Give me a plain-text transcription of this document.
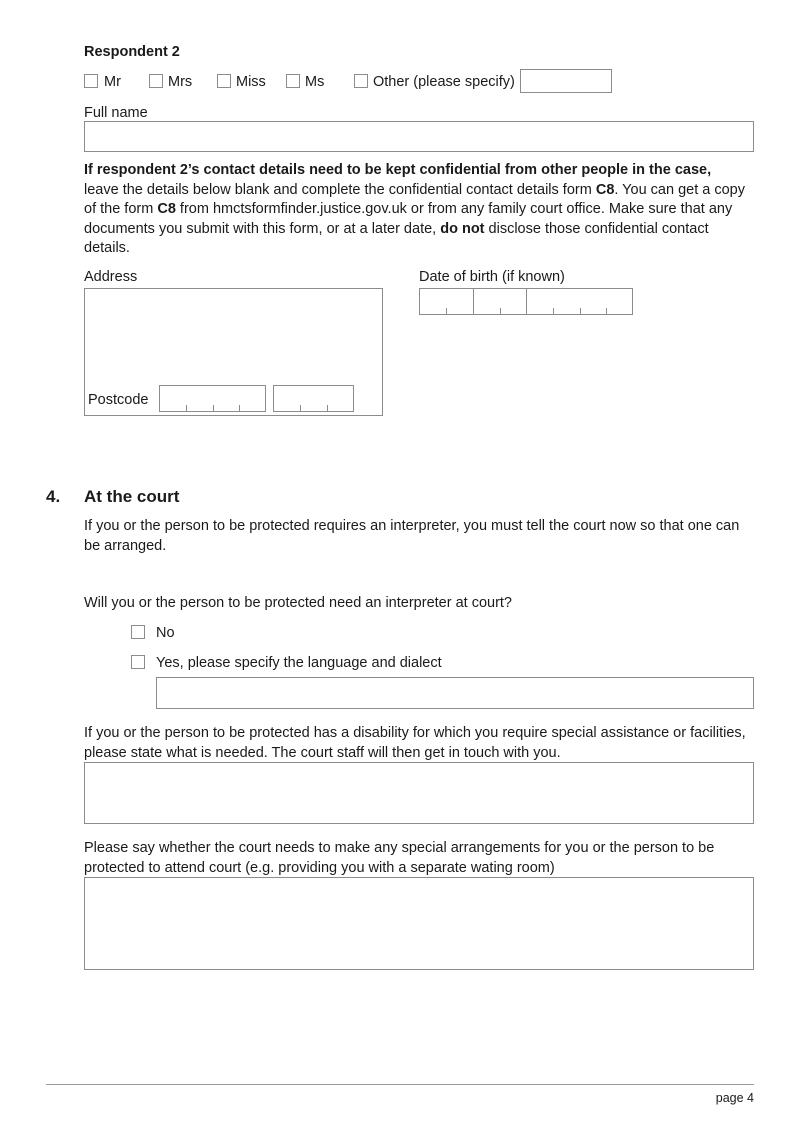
Respondent 2
Mr	Mrs	Miss	Ms	Other (please specify)
Full name
If respondent 2’s contact details need to be kept confidential from other people in the case,
leave the details below blank and complete the confidential contact details form C8. You can get a copy of the form C8 from hmctsformfinder.justice.gov.uk or from any family court office. Make sure that any documents you submit with this form, or at a later date, do not disclose those confidential contact details.
Address
Postcode
Date of birth (if known)
4. At the court
If you or the person to be protected requires an interpreter, you must tell the court now so that one can be arranged.
Will you or the person to be protected need an interpreter at court?
No
Yes, please specify the language and dialect
If you or the person to be protected has a disability for which you require special assistance or facilities, please state what is needed. The court staff will then get in touch with you.
Please say whether the court needs to make any special arrangements for you or the person to be protected to attend court (e.g. providing you with a separate wating room)
page 4
